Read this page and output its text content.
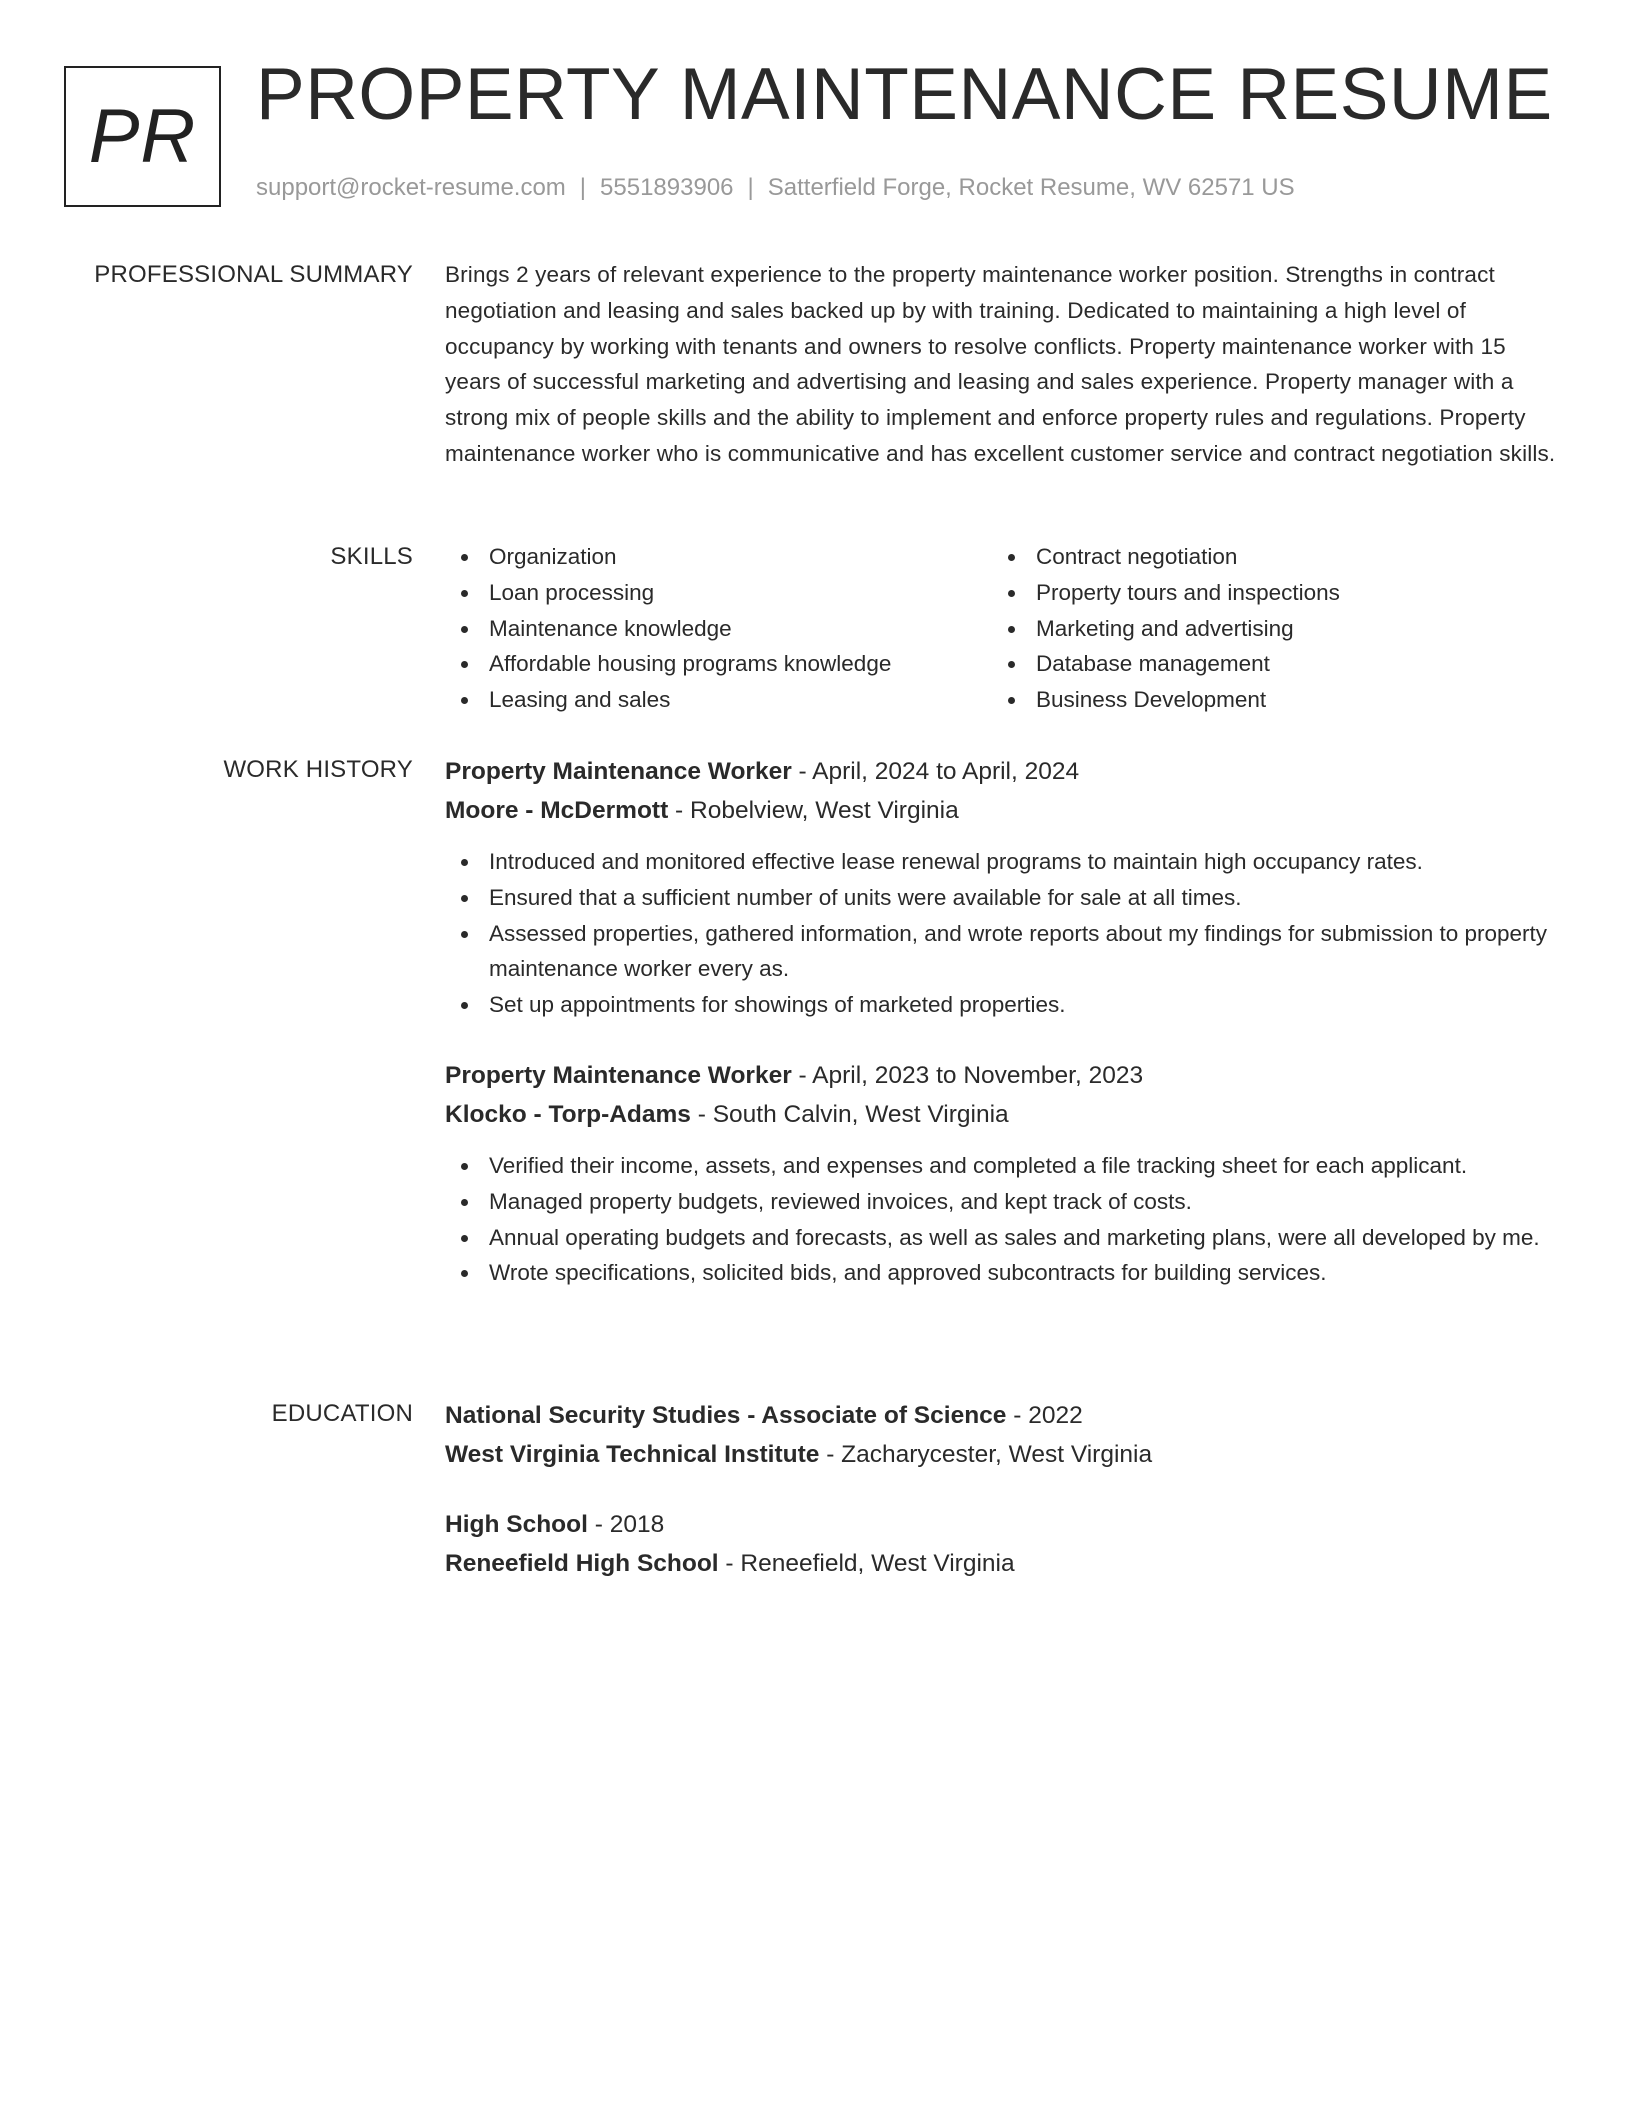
PR PROPERTY MAINTENANCE RESUME
support@rocket-resume.com | 5551893906 | Satterfield Forge, Rocket Resume, WV 62571 US
PROFESSIONAL SUMMARY Brings 2 years of relevant experience to the property maintenance worker position. Strengths in contract negotiation and leasing and sales backed up by with training. Dedicated to maintaining a high level of occupancy by working with tenants and owners to resolve conflicts. Property maintenance worker with 15 years of successful marketing and advertising and leasing and sales experience. Property manager with a strong mix of people skills and the ability to implement and enforce property rules and regulations. Property maintenance worker who is communicative and has excellent customer service and contract negotiation skills.

SKILLS	Organization
Loan processing
Maintenance knowledge
Affordable housing programs knowledge
Leasing and sales
Contract negotiation
Property tours and inspections
Marketing and advertising
Database management
Business Development
WORK HISTORY Property Maintenance Worker - April, 2024 to April, 2024
Moore - McDermott - Robelview, West Virginia
Introduced and monitored effective lease renewal programs to maintain high occupancy rates.
Ensured that a sufficient number of units were available for sale at all times.
Assessed properties, gathered information, and wrote reports about my findings for submission to property maintenance worker every as.
Set up appointments for showings of marketed properties.
Property Maintenance Worker - April, 2023 to November, 2023
Klocko - Torp-Adams - South Calvin, West Virginia
Verified their income, assets, and expenses and completed a file tracking sheet for each applicant.
Managed property budgets, reviewed invoices, and kept track of costs.
Annual operating budgets and forecasts, as well as sales and marketing plans, were all developed by me.
Wrote specifications, solicited bids, and approved subcontracts for building services.
EDUCATION National Security Studies - Associate of Science - 2022
West Virginia Technical Institute - Zacharycester, West Virginia
High School - 2018
Reneefield High School - Reneefield, West Virginia
